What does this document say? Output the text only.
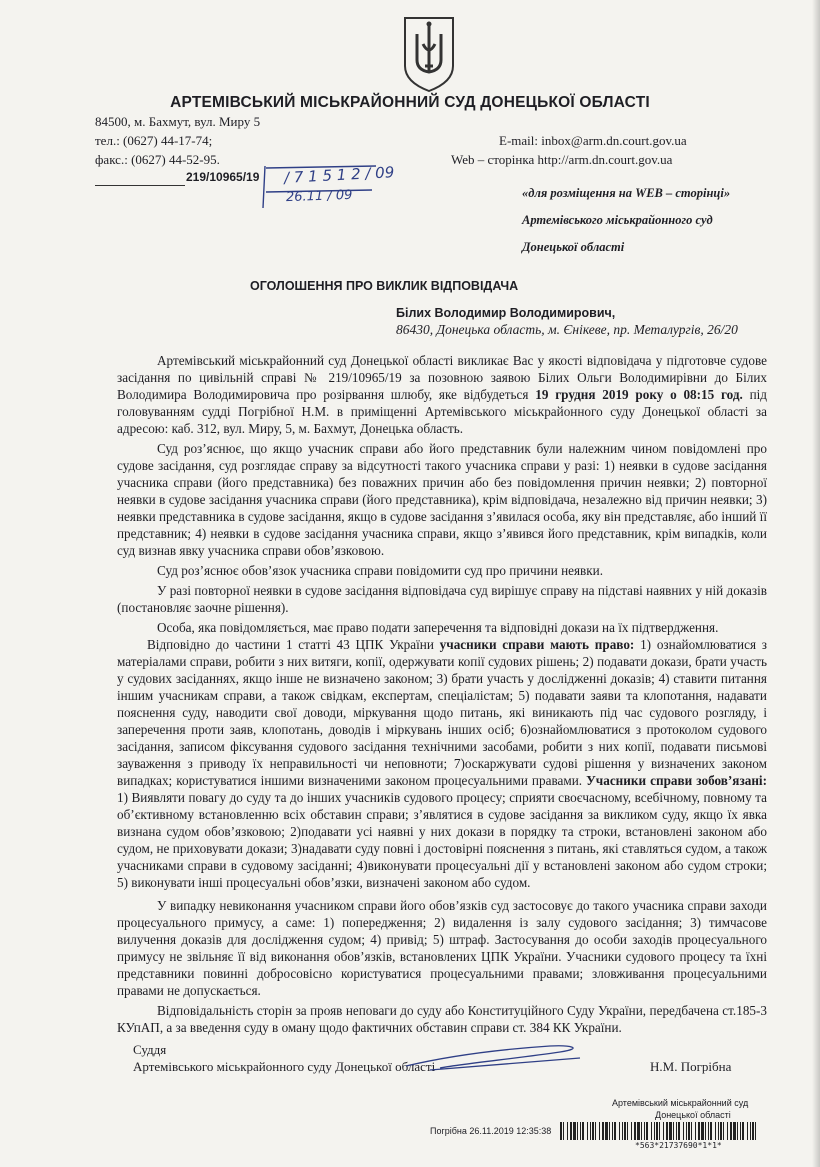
АРТЕМІВСЬКИЙ МІСЬКРАЙОННИЙ СУД ДОНЕЦЬКОЇ ОБЛАСТІ
84500, м. Бахмут, вул. Миру 5
тел.: (0627) 44-17-74;
факс.: (0627) 44-52-95.
E-mail: inbox@arm.dn.court.gov.ua
Web – сторінка http://arm.dn.court.gov.ua
219/10965/19 / 7 1 5 1 2 / 09
26.11 / 09	«для розміщення на WEB – сторінці»
Артемівського міськрайонного суд
Донецької області
ОГОЛОШЕННЯ ПРО ВИКЛИК ВІДПОВІДАЧА
Білих Володимир Володимирович,
86430, Донецька область, м. Єнікеве, пр. Металургів, 26/20

Артемівський міськрайонний суд Донецької області викликає Вас у якості відповідача у підготовче судове засідання по цивільній справі № 219/10965/19 за позовною заявою Білих Ольги Володимирівни до Білих Володимира Володимировича про розірвання шлюбу, яке відбудеться 19 грудня 2019 року о 08:15 год. під головуванням судді Погрібної Н.М. в приміщенні Артемівського міськрайонного суду Донецької області за адресою: каб. 312, вул. Миру, 5, м. Бахмут, Донецька область.

Суд роз’яснює, що якщо учасник справи або його представник були належним чином повідомлені про судове засідання, суд розглядає справу за відсутності такого учасника справи у разі: 1) неявки в судове засідання учасника справи (його представника) без поважних причин або без повідомлення причин неявки; 2) повторної неявки в судове засідання учасника справи (його представника), крім відповідача, незалежно від причин неявки; 3) неявки представника в судове засідання, якщо в судове засідання з’явилася особа, яку він представляє, або інший її представник; 4) неявки в судове засідання учасника справи, якщо з’явився його представник, крім випадків, коли суд визнав явку учасника справи обов’язковою.

Суд роз’яснює обов’язок учасника справи повідомити суд про причини неявки.

У разі повторної неявки в судове засідання відповідача суд вирішує справу на підставі наявних у ній доказів (постановляє заочне рішення).

Особа, яка повідомляється, має право подати заперечення та відповідні докази на їх підтвердження.

Відповідно до частини 1 статті 43 ЦПК України учасники справи мають право: 1) ознайомлюватися з матеріалами справи, робити з них витяги, копії, одержувати копії судових рішень; 2) подавати докази, брати участь у судових засіданнях, якщо інше не визначено законом; 3) брати участь у дослідженні доказів; 4) ставити питання іншим учасникам справи, а також свідкам, експертам, спеціалістам; 5) подавати заяви та клопотання, надавати пояснення суду, наводити свої доводи, міркування щодо питань, які виникають під час судового розгляду, і заперечення проти заяв, клопотань, доводів і міркувань інших осіб; 6)ознайомлюватися з протоколом судового засідання, записом фіксування судового засідання технічними засобами, робити з них копії, подавати письмові зауваження з приводу їх неправильності чи неповноти; 7)оскаржувати судові рішення у визначених законом випадках; користуватися іншими визначеними законом процесуальними правами. Учасники справи зобов’язані: 1) Виявляти повагу до суду та до інших учасників судового процесу; сприяти своєчасному, всебічному, повному та об’єктивному встановленню всіх обставин справи; з’являтися в судове засідання за викликом суду, якщо їх явка визнана судом обов’язковою; 2)подавати усі наявні у них докази в порядку та строки, встановлені законом або судом, не приховувати докази; 3)надавати суду повні і достовірні пояснення з питань, які ставляться судом, а також учасниками справи в судовому засіданні; 4)виконувати процесуальні дії у встановлені законом або судом строки; 5) виконувати інші процесуальні обов’язки, визначені законом або судом.

У випадку невиконання учасником справи його обов’язків суд застосовує до такого учасника справи заходи процесуального примусу, а саме: 1) попередження; 2) видалення із залу судового засідання; 3) тимчасове вилучення доказів для дослідження судом; 4) привід; 5) штраф. Застосування до особи заходів процесуального примусу не звільняє її від виконання обов’язків, встановлених ЦПК України. Учасники судового процесу та їхні представники повинні добросовісно користуватися процесуальними правами; зловживання процесуальними правами не допускається.

Відповідальність сторін за прояв неповаги до суду або Конституційного Суду України, передбачена ст.185-3 КУпАП, а за введення суду в оману щодо фактичних обставин справи ст. 384 КК України.

Суддя
Артемівського міськрайонного суду Донецької області	Н.М. Погрібна
Артемівський міськрайонний суд
Донецької області
Погрібна 26.11.2019 12:35:38
*563*21737690*1*1*
